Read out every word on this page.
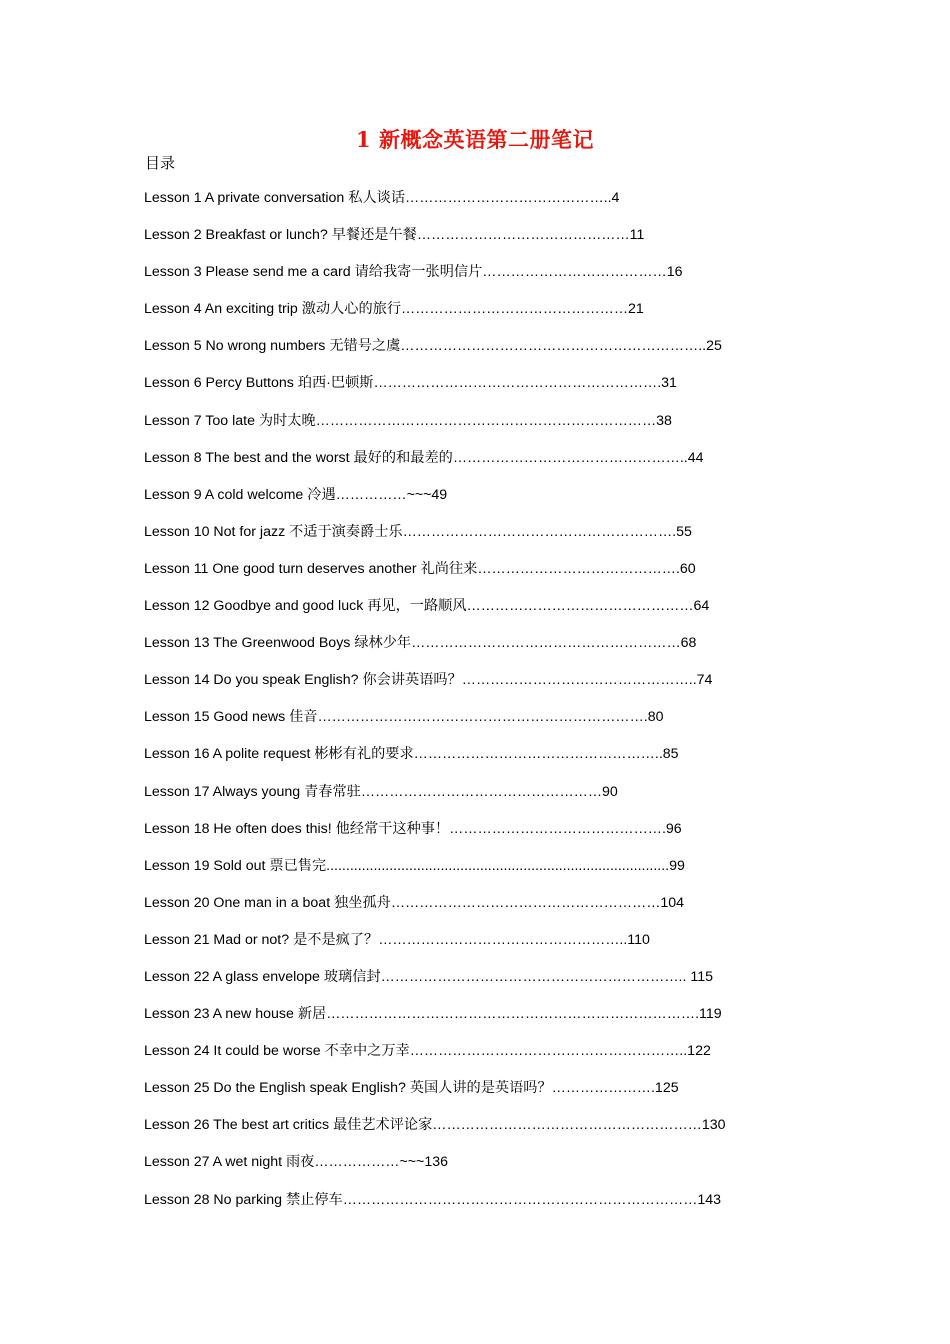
1 新概念英语第二册笔记
目录
Lesson 1 A private conversation 私人谈话……………………………………..4
Lesson 2 Breakfast or lunch? 早餐还是午餐………………………………………11
Lesson 3 Please send me a card 请给我寄一张明信片…………………………………16
Lesson 4 An exciting trip 激动人心的旅行…………………………………………21
Lesson 5 No wrong numbers 无错号之虞………………………………………………………..25
Lesson 6 Percy Buttons 珀西·巴顿斯…………………………………………………….31
Lesson 7 Too late 为时太晚………………………………………………………………38
Lesson 8 The best and the worst 最好的和最差的…………………………………………..44
Lesson 9 A cold welcome 冷遇……………~~~49
Lesson 10 Not for jazz 不适于演奏爵士乐………………………………………………….55
Lesson 11 One good turn deserves another 礼尚往来…………………………………….60
Lesson 12 Goodbye and good luck 再见，一路顺风…………………………………………64
Lesson 13 The Greenwood Boys 绿林少年…………………………………………………68
Lesson 14 Do you speak English? 你会讲英语吗？…………………………………………..74
Lesson 15 Good news 佳音…………………………………………………………….80
Lesson 16 A polite request 彬彬有礼的要求……………………………………………..85
Lesson 17 Always young 青春常驻……………………………………………90
Lesson 18 He often does this! 他经常干这种事！……………………………………….96
Lesson 19 Sold out 票已售完.......................................................................................99
Lesson 20 One man in a boat 独坐孤舟…………………………………………………104
Lesson 21 Mad or not? 是不是疯了？……………………………………………..110
Lesson 22 A glass envelope 玻璃信封……………………………………………………….. 115
Lesson 23 A new house 新居…………………………………………………………………….119
Lesson 24 It could be worse 不幸中之万幸…………………………………………………..122
Lesson 25 Do the English speak English? 英国人讲的是英语吗？………………….125
Lesson 26 The best art critics 最佳艺术评论家…………………………………………………130
Lesson 27 A wet night 雨夜………………~~~136
Lesson 28 No parking 禁止停车…………………………………………………………………143
